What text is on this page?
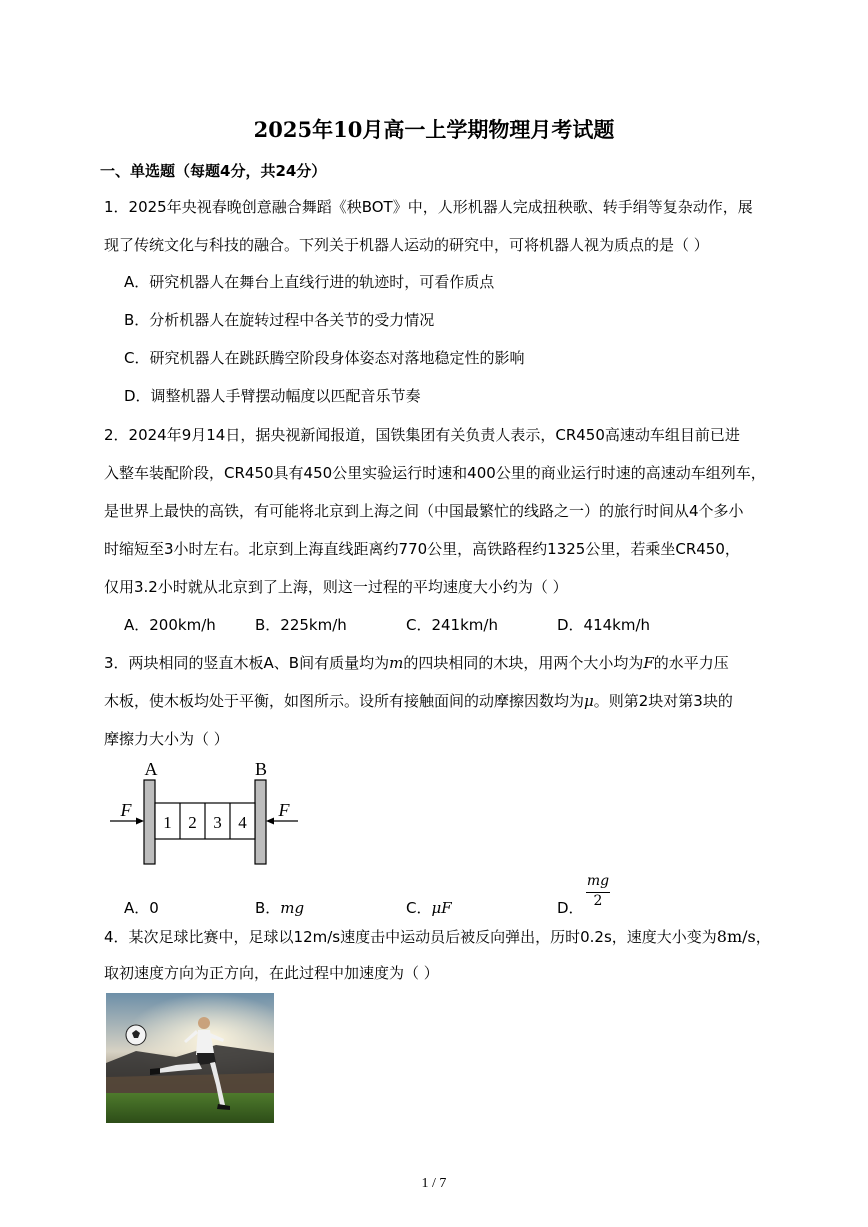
2025年10月高一上学期物理月考试题
一、单选题（每题4分，共24分）
1．2025年央视春晚创意融合舞蹈《秧BOT》中，人形机器人完成扭秧歌、转手绢等复杂动作，展
现了传统文化与科技的融合。下列关于机器人运动的研究中，可将机器人视为质点的是（ ）
A．研究机器人在舞台上直线行进的轨迹时，可看作质点
B．分析机器人在旋转过程中各关节的受力情况
C．研究机器人在跳跃腾空阶段身体姿态对落地稳定性的影响
D．调整机器人手臂摆动幅度以匹配音乐节奏
2．2024年9月14日，据央视新闻报道，国铁集团有关负责人表示，CR450高速动车组目前已进
入整车装配阶段，CR450具有450公里实验运行时速和400公里的商业运行时速的高速动车组列车，
是世界上最快的高铁，有可能将北京到上海之间（中国最繁忙的线路之一）的旅行时间从4个多小
时缩短至3小时左右。北京到上海直线距离约770公里，高铁路程约1325公里，若乘坐CR450，
仅用3.2小时就从北京到了上海，则这一过程的平均速度大小约为（ ）
A．200km/h	B．225km/h	C．241km/h	D．414km/h
3．两块相同的竖直木板A、B间有质量均为m的四块相同的木块，用两个大小均为F的水平力压
木板，使木板均处于平衡，如图所示。设所有接触面间的动摩擦因数均为μ。则第2块对第3块的
摩擦力大小为（ ）
1 2 3 4
A	B
F	F
A．0	B．mg	C．μF	D．
mg
2
4．某次足球比赛中，足球以12m/s速度击中运动员后被反向弹出，历时0.2s，速度大小变为8m/s，
取初速度方向为正方向，在此过程中加速度为（ ）
1 / 7
